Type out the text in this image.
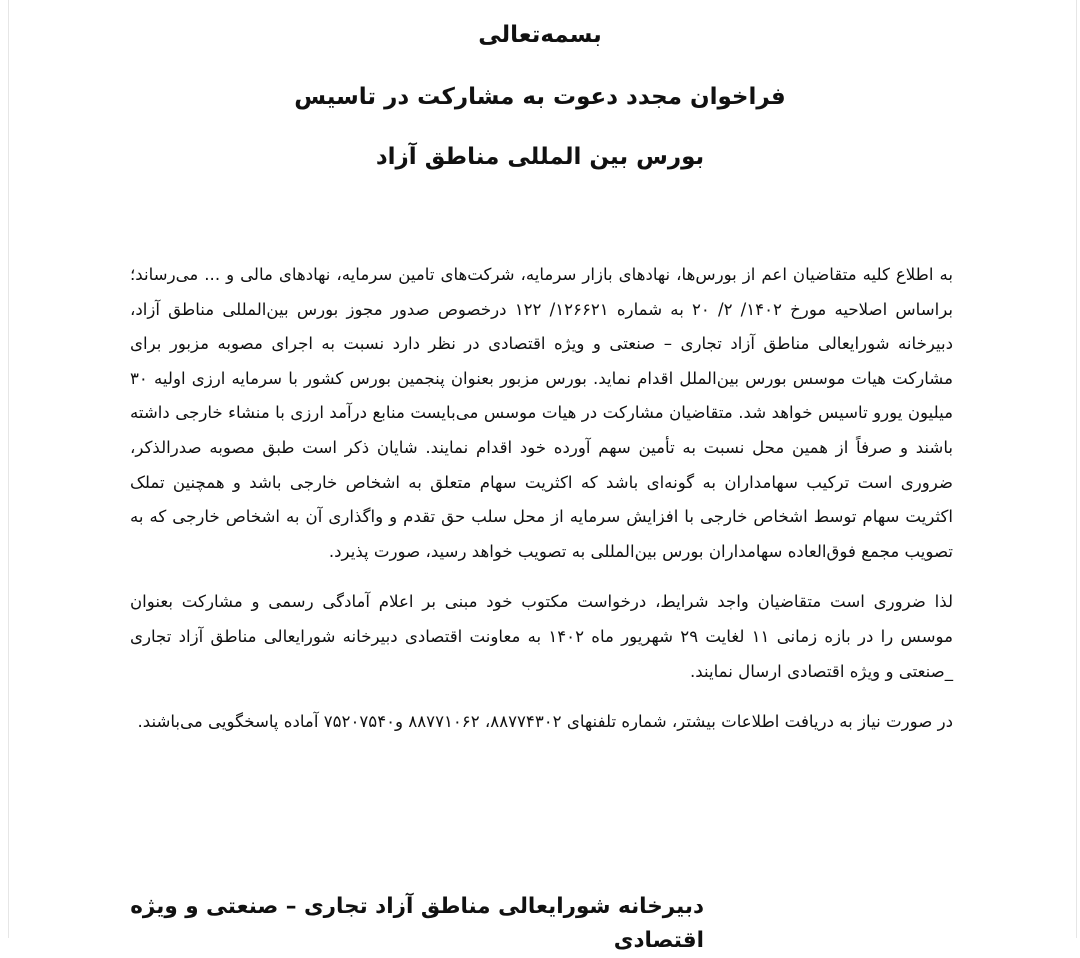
بسمه‌تعالی
فراخوان مجدد دعوت به مشارکت در تاسیس
بورس بین المللی مناطق آزاد

به اطلاع کلیه متقاضیان اعم از بورس‌ها، نهادهای بازار سرمایه، شرکت‌های تامین سرمایه، نهادهای مالی و ... می‌رساند؛ براساس اصلاحیه مورخ ۱۴۰۲/ ۲/ ۲۰ به شماره ۱۲۶۶۲۱/ ۱۲۲ درخصوص صدور مجوز بورس بین‌المللی مناطق آزاد، دبیرخانه شورایعالی مناطق آزاد تجاری – صنعتی و ویژه اقتصادی در نظر دارد نسبت به اجرای مصوبه مزبور برای مشارکت هیات موسس بورس بین‌الملل اقدام نماید. بورس مزبور بعنوان پنجمین بورس کشور با سرمایه ارزی اولیه ۳۰ میلیون یورو تاسیس خواهد شد. متقاضیان مشارکت در هیات موسس می‌بایست منابع درآمد ارزی با منشاء خارجی داشته باشند و صرفاً از همین محل نسبت به تأمین سهم آورده خود اقدام نمایند. شایان ذکر است طبق مصوبه صدرالذکر، ضروری است ترکیب سهامداران به گونه‌ای باشد که اکثریت سهام متعلق به اشخاص خارجی باشد و همچنین تملک اکثریت سهام توسط اشخاص خارجی با افزایش سرمایه از محل سلب حق تقدم و واگذاری آن به اشخاص خارجی که به تصویب مجمع فوق‌العاده سهامداران بورس بین‌المللی به تصویب خواهد رسید، صورت پذیرد.

لذا ضروری است متقاضیان واجد شرایط، درخواست مکتوب خود مبنی بر اعلام آمادگی رسمی و مشارکت بعنوان موسس را در بازه زمانی ۱۱ لغایت ۲۹ شهریور ماه ۱۴۰۲ به معاونت اقتصادی دبیرخانه شورایعالی مناطق آزاد تجاری _صنعتی و ویژه اقتصادی ارسال نمایند.

در صورت نیاز به دریافت اطلاعات بیشتر، شماره تلفنهای ۸۸۷۷۴۳۰۲، ۸۸۷۷۱۰۶۲ و۷۵۲۰۷۵۴۰ آماده پاسخگویی می‌باشند.

دبیرخانه شورایعالی مناطق آزاد تجاری – صنعتی و ویژه اقتصادی
